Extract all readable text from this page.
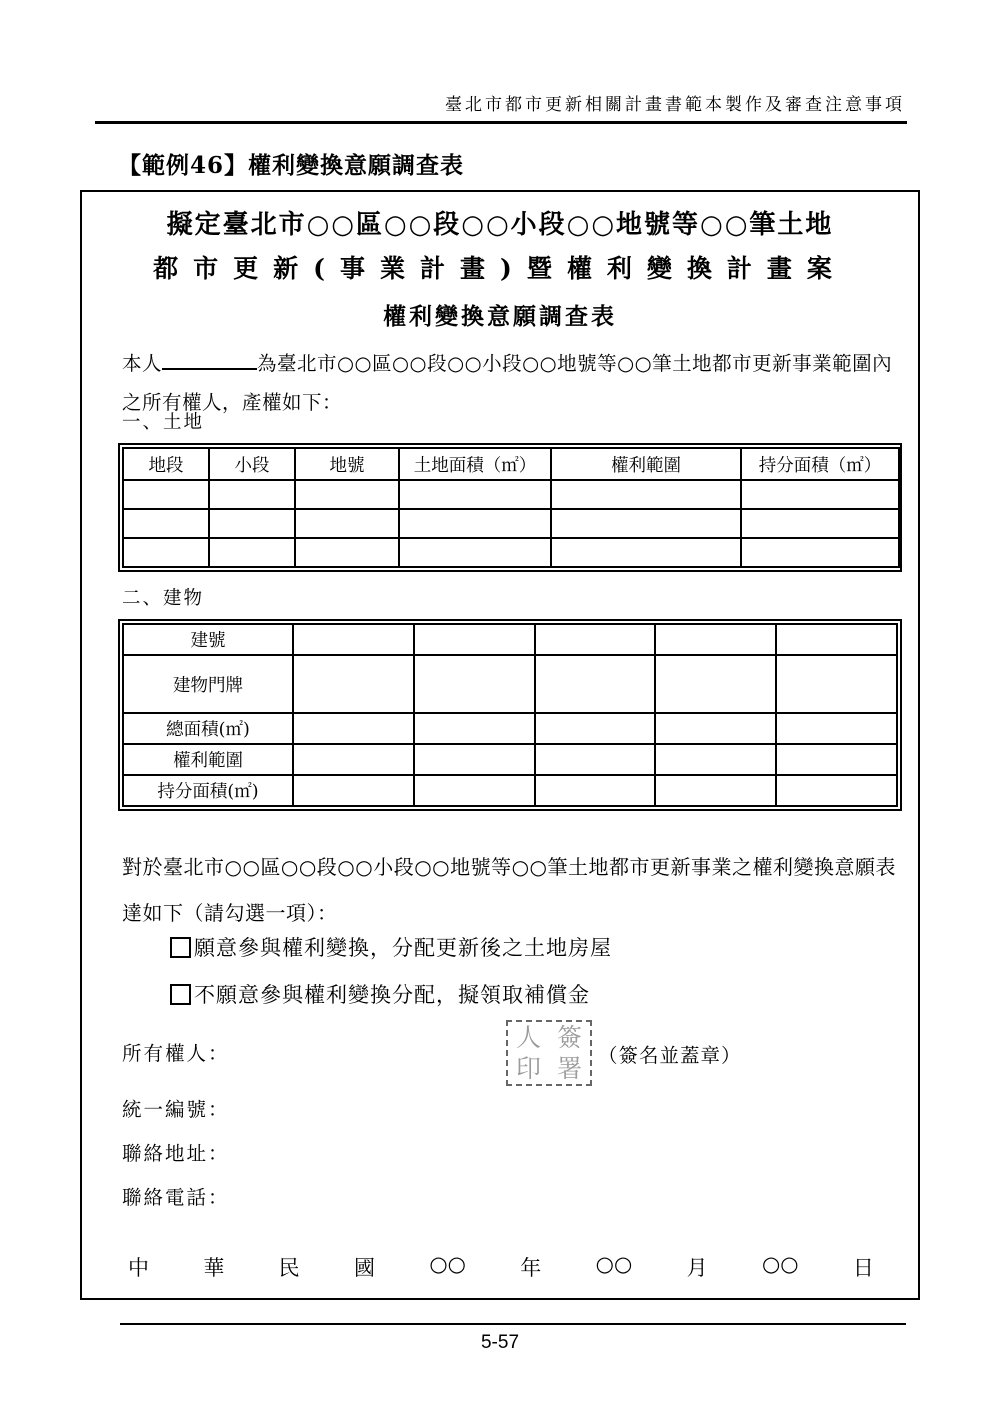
臺北市都市更新相關計畫書範本製作及審查注意事項
【範例46】權利變換意願調查表
擬定臺北市○○區○○段○○小段○○地號等○○筆土地
都市更新(事業計畫)暨權利變換計畫案
權利變換意願調查表
本人	為臺北市○○區○○段○○小段○○地號等○○筆土地都市更新事業範圍內之所有權人，產權如下：
一、土地
地段	小段	地號	土地面積（㎡）	權利範圍	持分面積（㎡）

二、建物
建號					
建物門牌					
總面積(㎡)					
權利範圍					
持分面積(㎡)					
對於臺北市○○區○○段○○小段○○地號等○○筆土地都市更新事業之權利變換意願表達如下（請勾選一項）：
願意參與權利變換，分配更新後之土地房屋
不願意參與權利變換分配，擬領取補償金
所有權人：
人 簽
印 署 （簽名並蓋章）
統一編號：
聯絡地址：
聯絡電話：
中	華	民	國	○○	年	○○	月	○○	日
5-57
